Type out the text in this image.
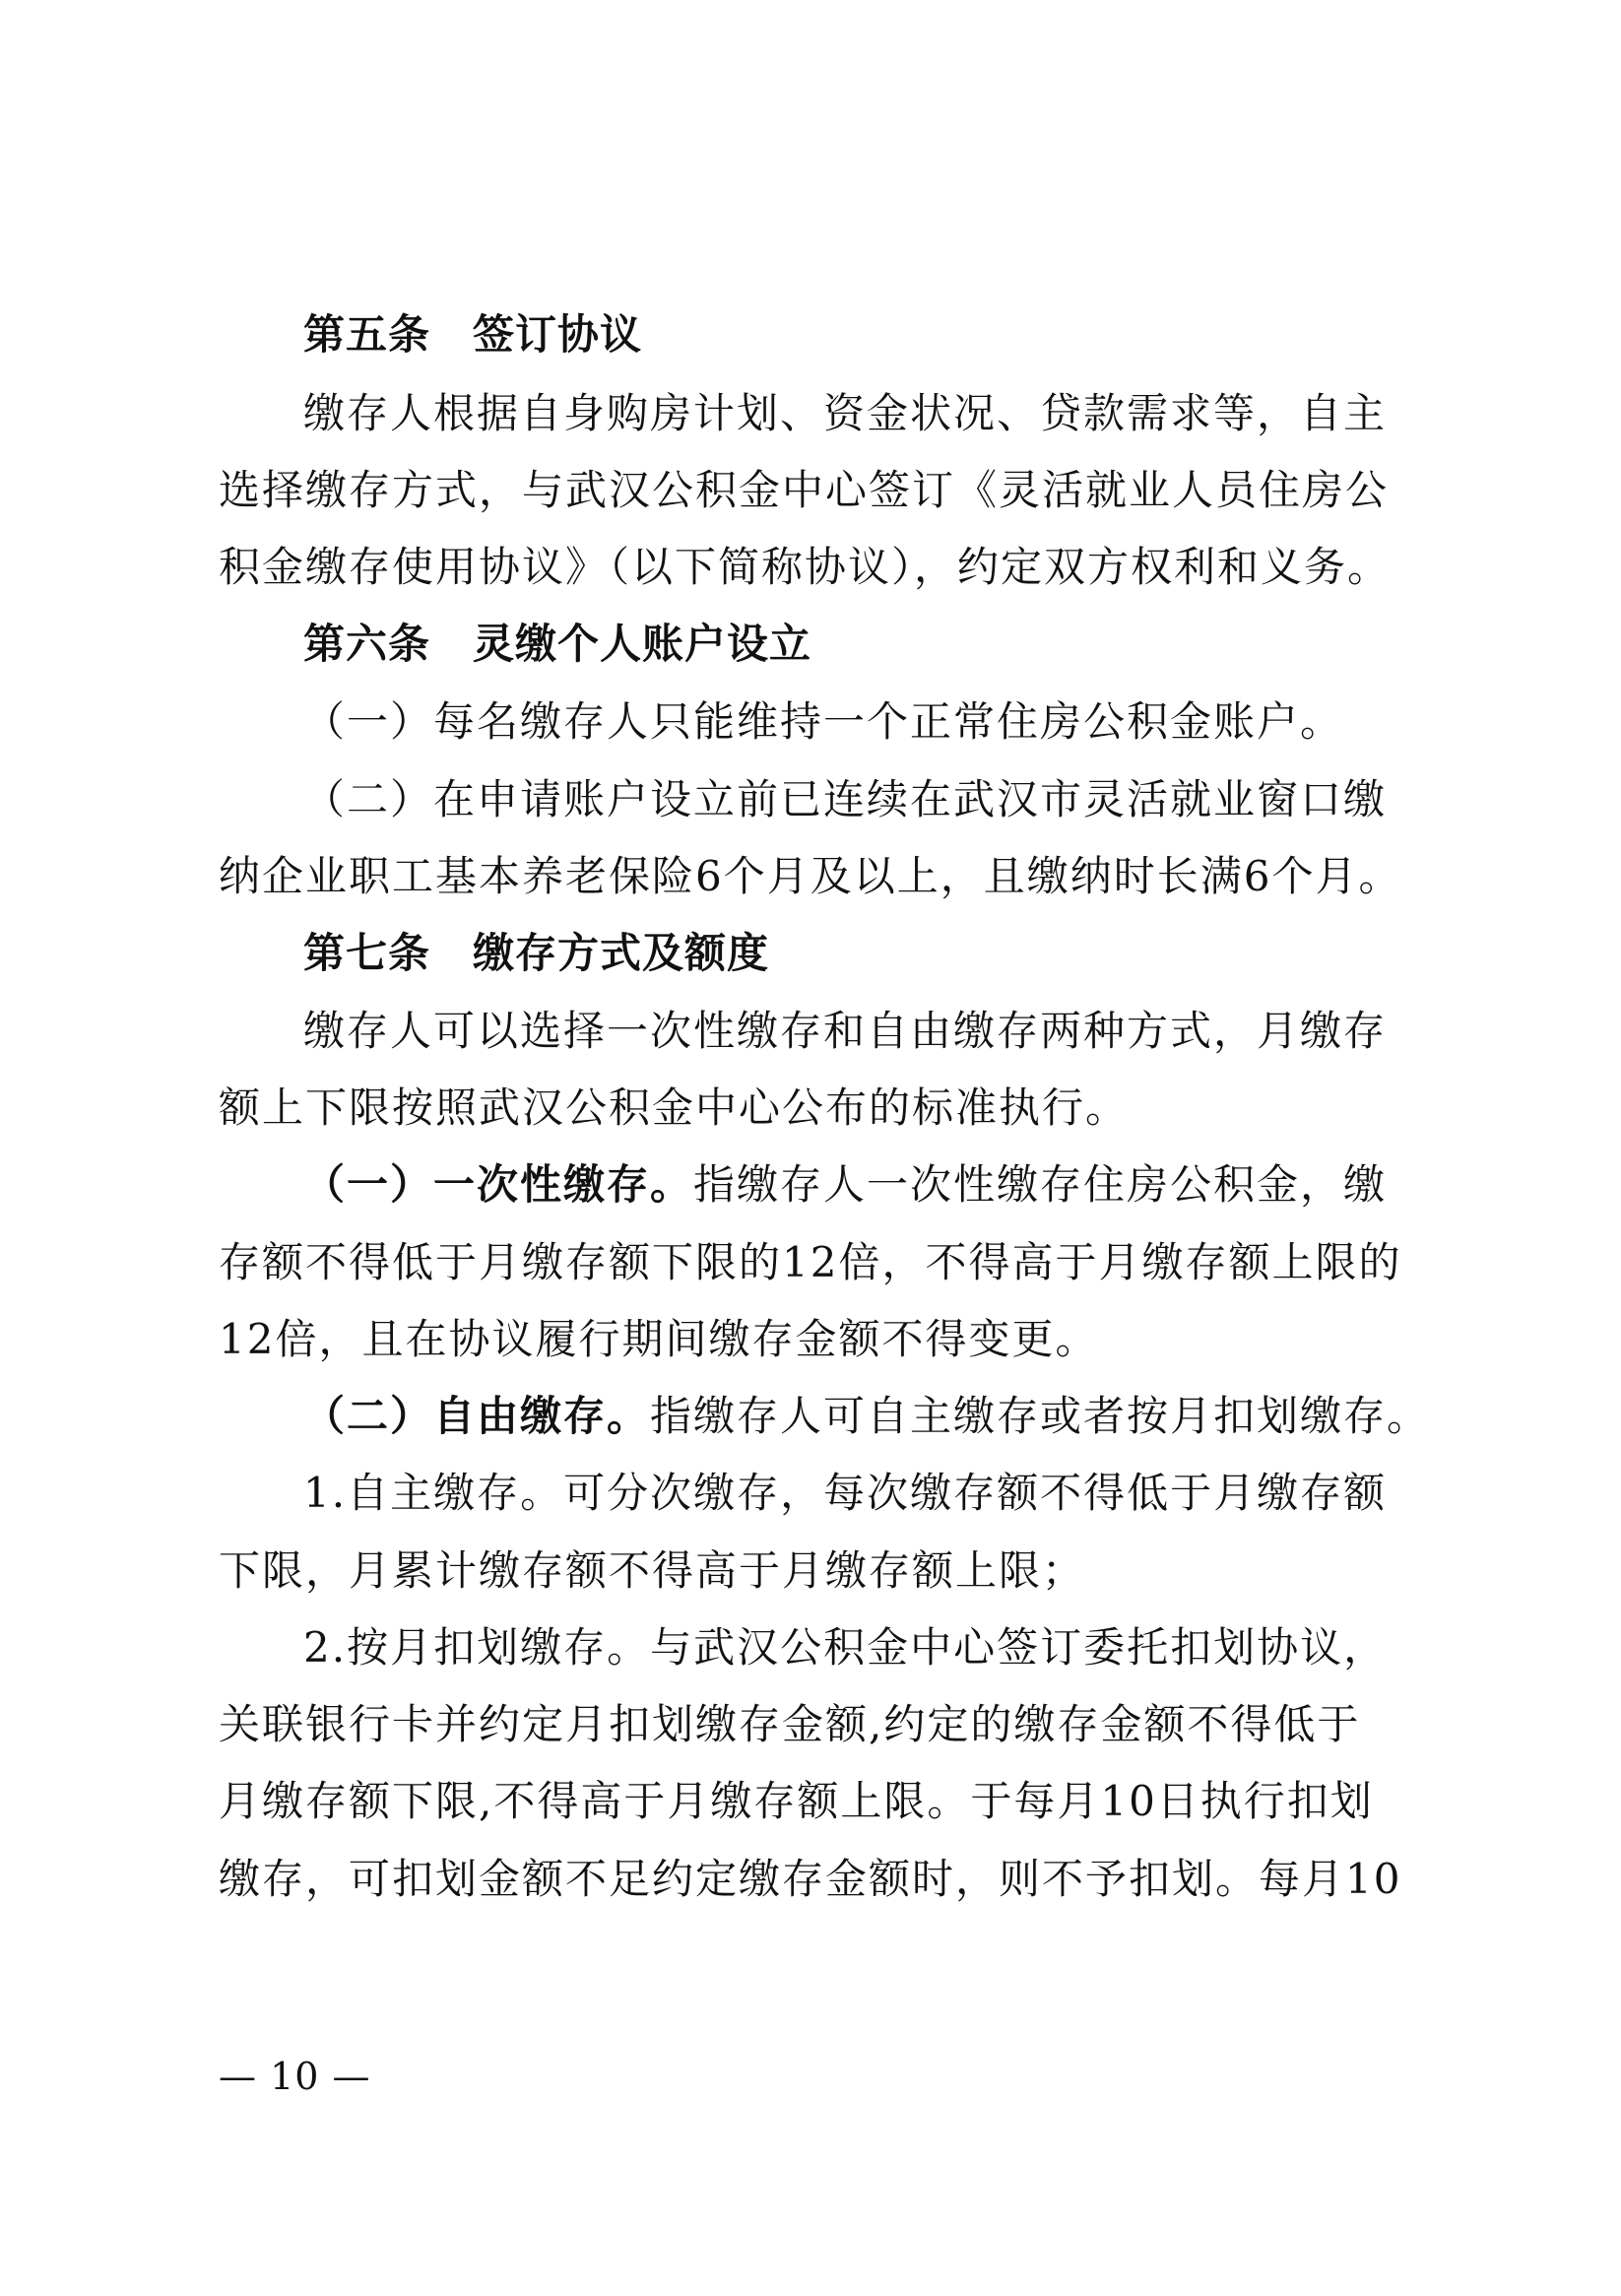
第五条　签订协议
缴存人根据自身购房计划、资金状况、贷款需求等，自主
选择缴存方式，与武汉公积金中心签订《灵活就业人员住房公
积金缴存使用协议》（以下简称协议），约定双方权利和义务。
第六条　灵缴个人账户设立
（一）每名缴存人只能维持一个正常住房公积金账户。
（二）在申请账户设立前已连续在武汉市灵活就业窗口缴
纳企业职工基本养老保险6个月及以上，且缴纳时长满6个月。
第七条　缴存方式及额度
缴存人可以选择一次性缴存和自由缴存两种方式，月缴存
额上下限按照武汉公积金中心公布的标准执行。
（一）一次性缴存。指缴存人一次性缴存住房公积金，缴
存额不得低于月缴存额下限的12倍，不得高于月缴存额上限的
12倍，且在协议履行期间缴存金额不得变更。
（二）自由缴存。指缴存人可自主缴存或者按月扣划缴存。
1.自主缴存。可分次缴存，每次缴存额不得低于月缴存额
下限，月累计缴存额不得高于月缴存额上限；
2.按月扣划缴存。与武汉公积金中心签订委托扣划协议，
关联银行卡并约定月扣划缴存金额,约定的缴存金额不得低于
月缴存额下限,不得高于月缴存额上限。于每月10日执行扣划
缴存，可扣划金额不足约定缴存金额时，则不予扣划。每月10
— 10 —
